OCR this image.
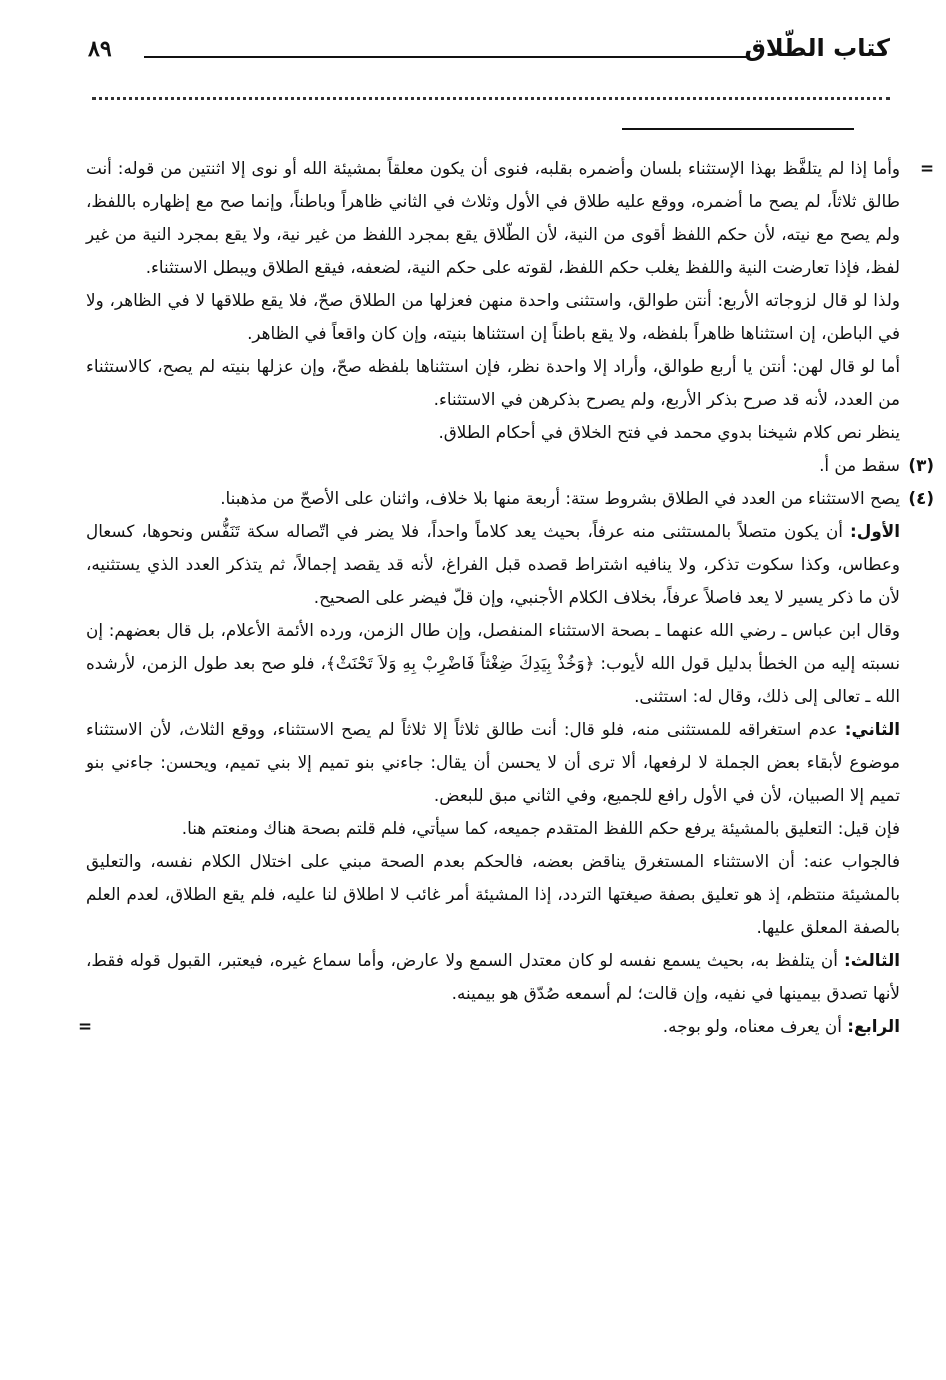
كتاب الطّلاق
٨٩

=
وأما إذا لم يتلفَّظ بهذا الإستثناء بلسان وأضمره بقلبه، فنوى أن يكون معلقاً بمشيئة الله أو نوى إلا اثنتين من قوله: أنت طالق ثلاثاً، لم يصح ما أضمره، ووقع عليه طلاق في الأول وثلاث في الثاني ظاهراً وباطناً، وإنما صح مع إظهاره باللفظ، ولم يصح مع نيته، لأن حكم اللفظ أقوى من النية، لأن الطّلاق يقع بمجرد اللفظ من غير نية، ولا يقع بمجرد النية من غير لفظ، فإذا تعارضت النية واللفظ يغلب حكم اللفظ، لقوته على حكم النية، لضعفه، فيقع الطلاق ويبطل الاستثناء.

ولذا لو قال لزوجاته الأربع: أنتن طوالق، واستثنى واحدة منهن فعزلها من الطلاق صحّ، فلا يقع طلاقها لا في الظاهر، ولا في الباطن، إن استثناها ظاهراً بلفظه، ولا يقع باطناً إن استثناها بنيته، وإن كان واقعاً في الظاهر.

أما لو قال لهن: أنتن يا أربع طوالق، وأراد إلا واحدة نظر، فإن استثناها بلفظه صحّ، وإن عزلها بنيته لم يصح، كالاستثناء من العدد، لأنه قد صرح بذكر الأربع، ولم يصرح بذكرهن في الاستثناء.

ينظر نص كلام شيخنا بدوي محمد في فتح الخلاق في أحكام الطلاق.

(٣)
سقط من أ.

(٤)
يصح الاستثناء من العدد في الطلاق بشروط ستة: أربعة منها بلا خلاف، واثنان على الأصحّ من مذهبنا.

الأول: أن يكون متصلاً بالمستثنى منه عرفاً، بحيث يعد كلاماً واحداً، فلا يضر في اتّصاله سكة تَنَفُّس ونحوها، كسعال وعطاس، وكذا سكوت تذكر، ولا ينافيه اشتراط قصده قبل الفراغ، لأنه قد يقصد إجمالاً، ثم يتذكر العدد الذي يستثنيه، لأن ما ذكر يسير لا يعد فاصلاً عرفاً، بخلاف الكلام الأجنبي، وإن قلّ فيضر على الصحيح.

وقال ابن عباس ـ رضي الله عنهما ـ بصحة الاستثناء المنفصل، وإن طال الزمن، ورده الأئمة الأعلام، بل قال بعضهم: إن نسبته إليه من الخطأ بدليل قول الله لأيوب: ﴿وَخُذْ بِيَدِكَ ضِغْثاً فَاضْرِبْ بِهِ وَلاَ تَحْنَثْ﴾، فلو صح بعد طول الزمن، لأرشده الله ـ تعالى إلى ذلك، وقال له: استثنى.

الثاني: عدم استغراقه للمستثنى منه، فلو قال: أنت طالق ثلاثاً إلا ثلاثاً لم يصح الاستثناء، ووقع الثلاث، لأن الاستثناء موضوع لأبقاء بعض الجملة لا لرفعها، ألا ترى أن لا يحسن أن يقال: جاءني بنو تميم إلا بني تميم، ويحسن: جاءني بنو تميم إلا الصبيان، لأن في الأول رافع للجميع، وفي الثاني مبق للبعض.

فإن قيل: التعليق بالمشيئة يرفع حكم اللفظ المتقدم جميعه، كما سيأتي، فلم قلتم بصحة هناك ومنعتم هنا.

فالجواب عنه: أن الاستثناء المستغرق يناقض بعضه، فالحكم بعدم الصحة مبني على اختلال الكلام نفسه، والتعليق بالمشيئة منتظم، إذ هو تعليق بصفة صيغتها التردد، إذا المشيئة أمر غائب لا اطلاق لنا عليه، فلم يقع الطلاق، لعدم العلم بالصفة المعلق عليها.

الثالث: أن يتلفظ به، بحيث يسمع نفسه لو كان معتدل السمع ولا عارض، وأما سماع غيره، فيعتبر، القبول قوله فقط، لأنها تصدق بيمينها في نفيه، وإن قالت؛ لم أسمعه صُدّق هو بيمينه.

الرابع: أن يعرف معناه، ولو بوجه.
=
